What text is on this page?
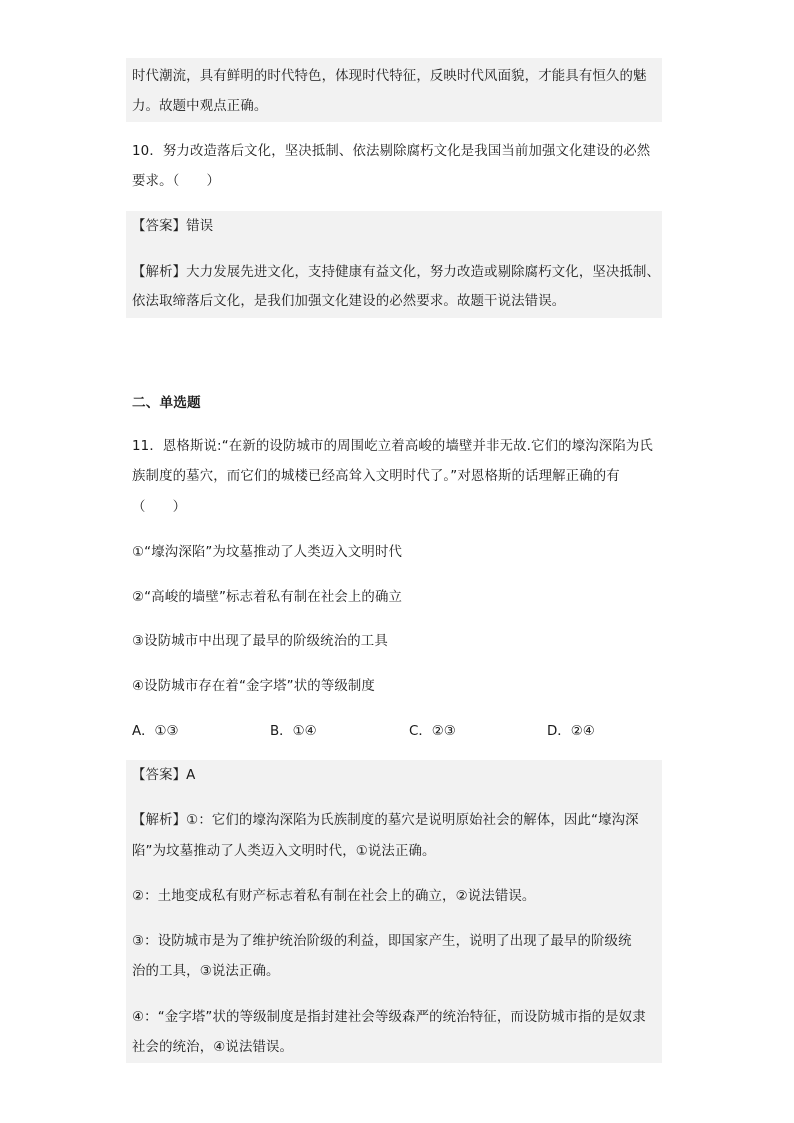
时代潮流，具有鲜明的时代特色，体现时代特征，反映时代风面貌，才能具有恒久的魅
力。故题中观点正确。
10．努力改造落后文化，坚决抵制、依法剔除腐朽文化是我国当前加强文化建设的必然
要求。（　　）
【答案】错误
【解析】大力发展先进文化，支持健康有益文化，努力改造或剔除腐朽文化，坚决抵制、
依法取缔落后文化，是我们加强文化建设的必然要求。故题干说法错误。
二、单选题
11．恩格斯说:“在新的设防城市的周围屹立着高峻的墙壁并非无故.它们的壕沟深陷为氏
族制度的墓穴，而它们的城楼已经高耸入文明时代了。”对恩格斯的话理解正确的有
（　　）
①“壕沟深陷”为坟墓推动了人类迈入文明时代
②“高峻的墙壁”标志着私有制在社会上的确立
③设防城市中出现了最早的阶级统治的工具
④设防城市存在着“金字塔”状的等级制度
A．①③	B．①④	C．②③	D．②④
【答案】A
【解析】①：它们的壕沟深陷为氏族制度的墓穴是说明原始社会的解体，因此“壕沟深
陷”为坟墓推动了人类迈入文明时代，①说法正确。
②：土地变成私有财产标志着私有制在社会上的确立，②说法错误。
③：设防城市是为了维护统治阶级的利益，即国家产生，说明了出现了最早的阶级统
治的工具，③说法正确。
④：“金字塔”状的等级制度是指封建社会等级森严的统治特征，而设防城市指的是奴隶
社会的统治，④说法错误。
